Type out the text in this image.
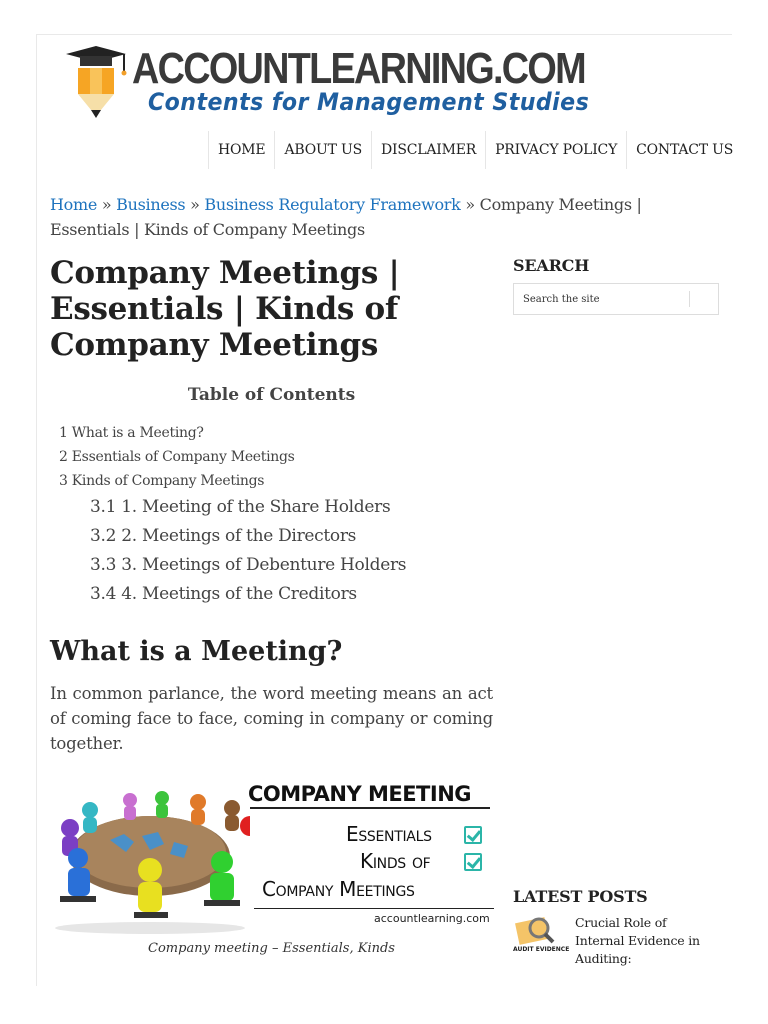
ACCOUNTLEARNING.COM
Contents for Management Studies
HOME	ABOUT US	DISCLAIMER	PRIVACY POLICY	CONTACT US
Home » Business » Business Regulatory Framework » Company Meetings | Essentials | Kinds of Company Meetings
Company Meetings | Essentials | Kinds of Company Meetings
Table of Contents
1 What is a Meeting?
2 Essentials of Company Meetings
3 Kinds of Company Meetings
3.1 1. Meeting of the Share Holders
3.2 2. Meetings of the Directors
3.3 3. Meetings of Debenture Holders
3.4 4. Meetings of the Creditors
What is a Meeting?

In common parlance, the word meeting means an act of coming face to face, coming in company or coming together.

COMPANY MEETING
Essentials
Kinds of
Company Meetings
accountlearning.com
Company meeting – Essentials, Kinds
SEARCH
Search the site
LATEST POSTS
AUDIT EVIDENCE
Crucial Role of Internal Evidence in Auditing:
